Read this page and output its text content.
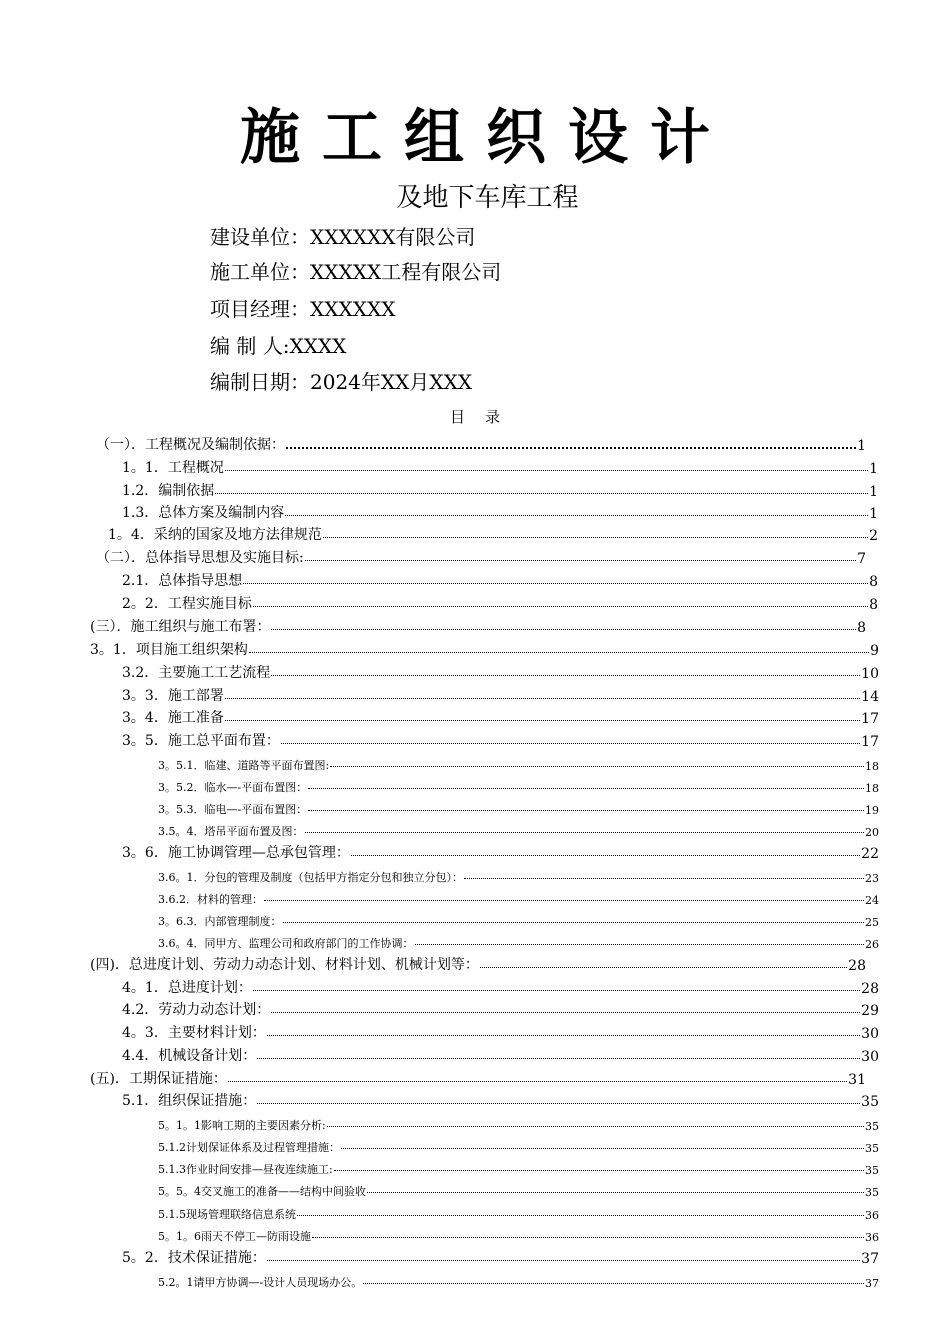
施工组织设计
及地下车库工程
建设单位：XXXXXX有限公司
施工单位：XXXXX工程有限公司
项目经理：XXXXXX
编 制 人:XXXX
编制日期：2024年XX月XXX
目录
（一）．工程概况及编制依据：	1
1。1．工程概况	1
1.2．编制依据	1
1.3．总体方案及编制内容	1
1。4．采纳的国家及地方法律规范	2
（二）．总体指导思想及实施目标:	7
2.1．总体指导思想	8
2。2．工程实施目标	8
(三）．施工组织与施工布署：	8
3。1．项目施工组织架构	9
3.2．主要施工工艺流程	10
3。3．施工部署	14
3。4．施工准备	17
3。5．施工总平面布置：	17
3。5.1．临建、道路等平面布置图:	18
3。5.2．临水—-平面布置图：	18
3。5.3．临电—-平面布置图：	19
3.5。4．塔吊平面布置及图：	20
3。6．施工协调管理—总承包管理：	22
3.6。1．分包的管理及制度（包括甲方指定分包和独立分包）：	23
3.6.2．材料的管理：	24
3。6.3．内部管理制度：	25
3.6。4．同甲方、监理公司和政府部门的工作协调：	26
(四)．总进度计划、劳动力动态计划、材料计划、机械计划等：	28
4。1．总进度计划：	28
4.2．劳动力动态计划：	29
4。3．主要材料计划：	30
4.4．机械设备计划：	30
(五)．工期保证措施：	31
5.1．组织保证措施：	35
5。1。1影响工期的主要因素分析:	35
5.1.2计划保证体系及过程管理措施：	35
5.1.3作业时间安排—昼夜连续施工:	35
5。5。4交叉施工的准备——结构中间验收	35
5.1.5现场管理联络信息系统	36
5。1。6雨天不停工—防雨设施	36
5。2．技术保证措施：	37
5.2。1请甲方协调—-设计人员现场办公。	37
